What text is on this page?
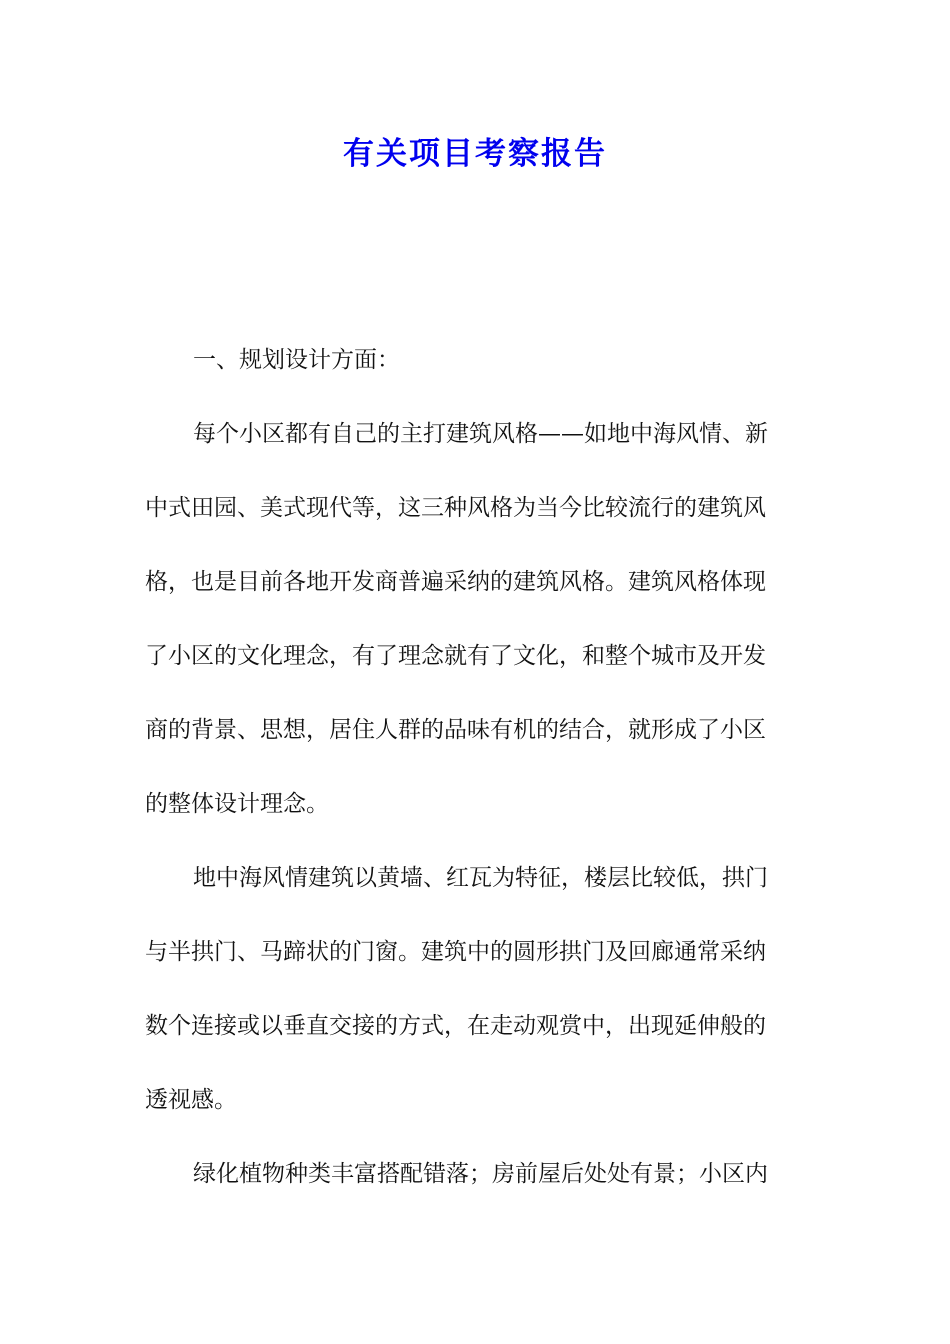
有关项目考察报告
一、规划设计方面：
每个小区都有自己的主打建筑风格——如地中海风情、新
中式田园、美式现代等，这三种风格为当今比较流行的建筑风
格，也是目前各地开发商普遍采纳的建筑风格。建筑风格体现
了小区的文化理念，有了理念就有了文化，和整个城市及开发
商的背景、思想，居住人群的品味有机的结合，就形成了小区
的整体设计理念。
地中海风情建筑以黄墙、红瓦为特征，楼层比较低，拱门
与半拱门、马蹄状的门窗。建筑中的圆形拱门及回廊通常采纳
数个连接或以垂直交接的方式，在走动观赏中，出现延伸般的
透视感。
绿化植物种类丰富搭配错落；房前屋后处处有景；小区内
